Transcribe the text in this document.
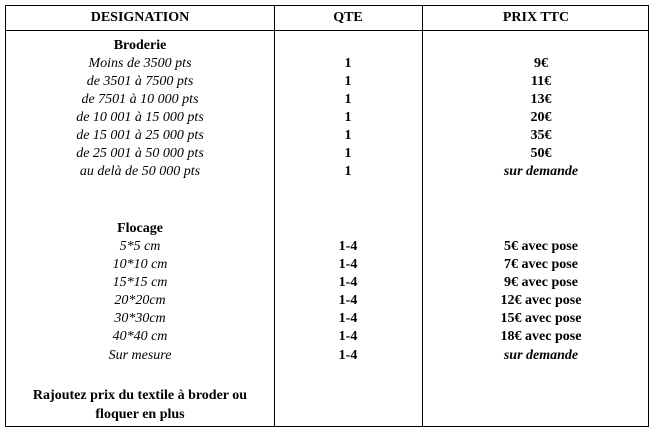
DESIGNATION	QTE	PRIX TTC
Broderie
Moins de 3500 pts	1	9€
de 3501 à 7500 pts	1	11€
de 7501 à 10 000 pts	1	13€
de 10 001 à 15 000 pts	1	20€
de 15 001 à 25 000 pts	1	35€
de 25 001 à 50 000 pts	1	50€
au delà de 50 000 pts	1	sur demande
Flocage
5*5 cm	1-4	5€ avec pose
10*10 cm	1-4	7€ avec pose
15*15 cm	1-4	9€ avec pose
20*20cm	1-4	12€ avec pose
30*30cm	1-4	15€ avec pose
40*40 cm	1-4	18€ avec pose
Sur mesure	1-4	sur demande
Rajoutez prix du textile à broder ou
floquer en plus
